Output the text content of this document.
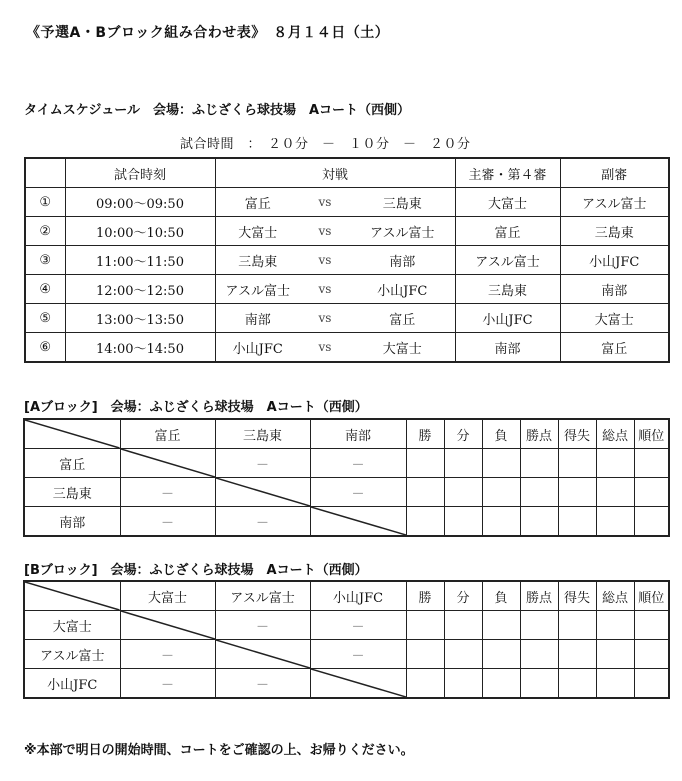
《予選A・Bブロック組み合わせ表》　８月１４日（土）
タイムスケジュール　会場：ふじざくら球技場　Aコート（西側）
試合時間　：　２０分　－　１０分　－　２０分
	試合時刻	対戦			主審・第４審	副審
①	09:00～09:50	富丘	vs	三島東	大富士	アスル富士
②	10:00～10:50	大富士	vs	アスル富士	富丘	三島東
③	11:00～11:50	三島東	vs	南部	アスル富士	小山JFC
④	12:00～12:50	アスル富士	vs	小山JFC	三島東	南部
⑤	13:00～13:50	南部	vs	富丘	小山JFC	大富士
⑥	14:00～14:50	小山JFC	vs	大富士	南部	富丘
[Aブロック]　会場：ふじざくら球技場　Aコート（西側）
	富丘	三島東	南部	勝	分	負	勝点	得失	総点	順位
富丘		－	－							
三島東	－		－							
南部	－	－	

[Bブロック]　会場：ふじざくら球技場　Aコート（西側）
	大富士	アスル富士	小山JFC	勝	分	負	勝点	得失	総点	順位
大富士		－	－							
アスル富士	－		－							
小山JFC	－	－	

※本部で明日の開始時間、コートをご確認の上、お帰りください。
